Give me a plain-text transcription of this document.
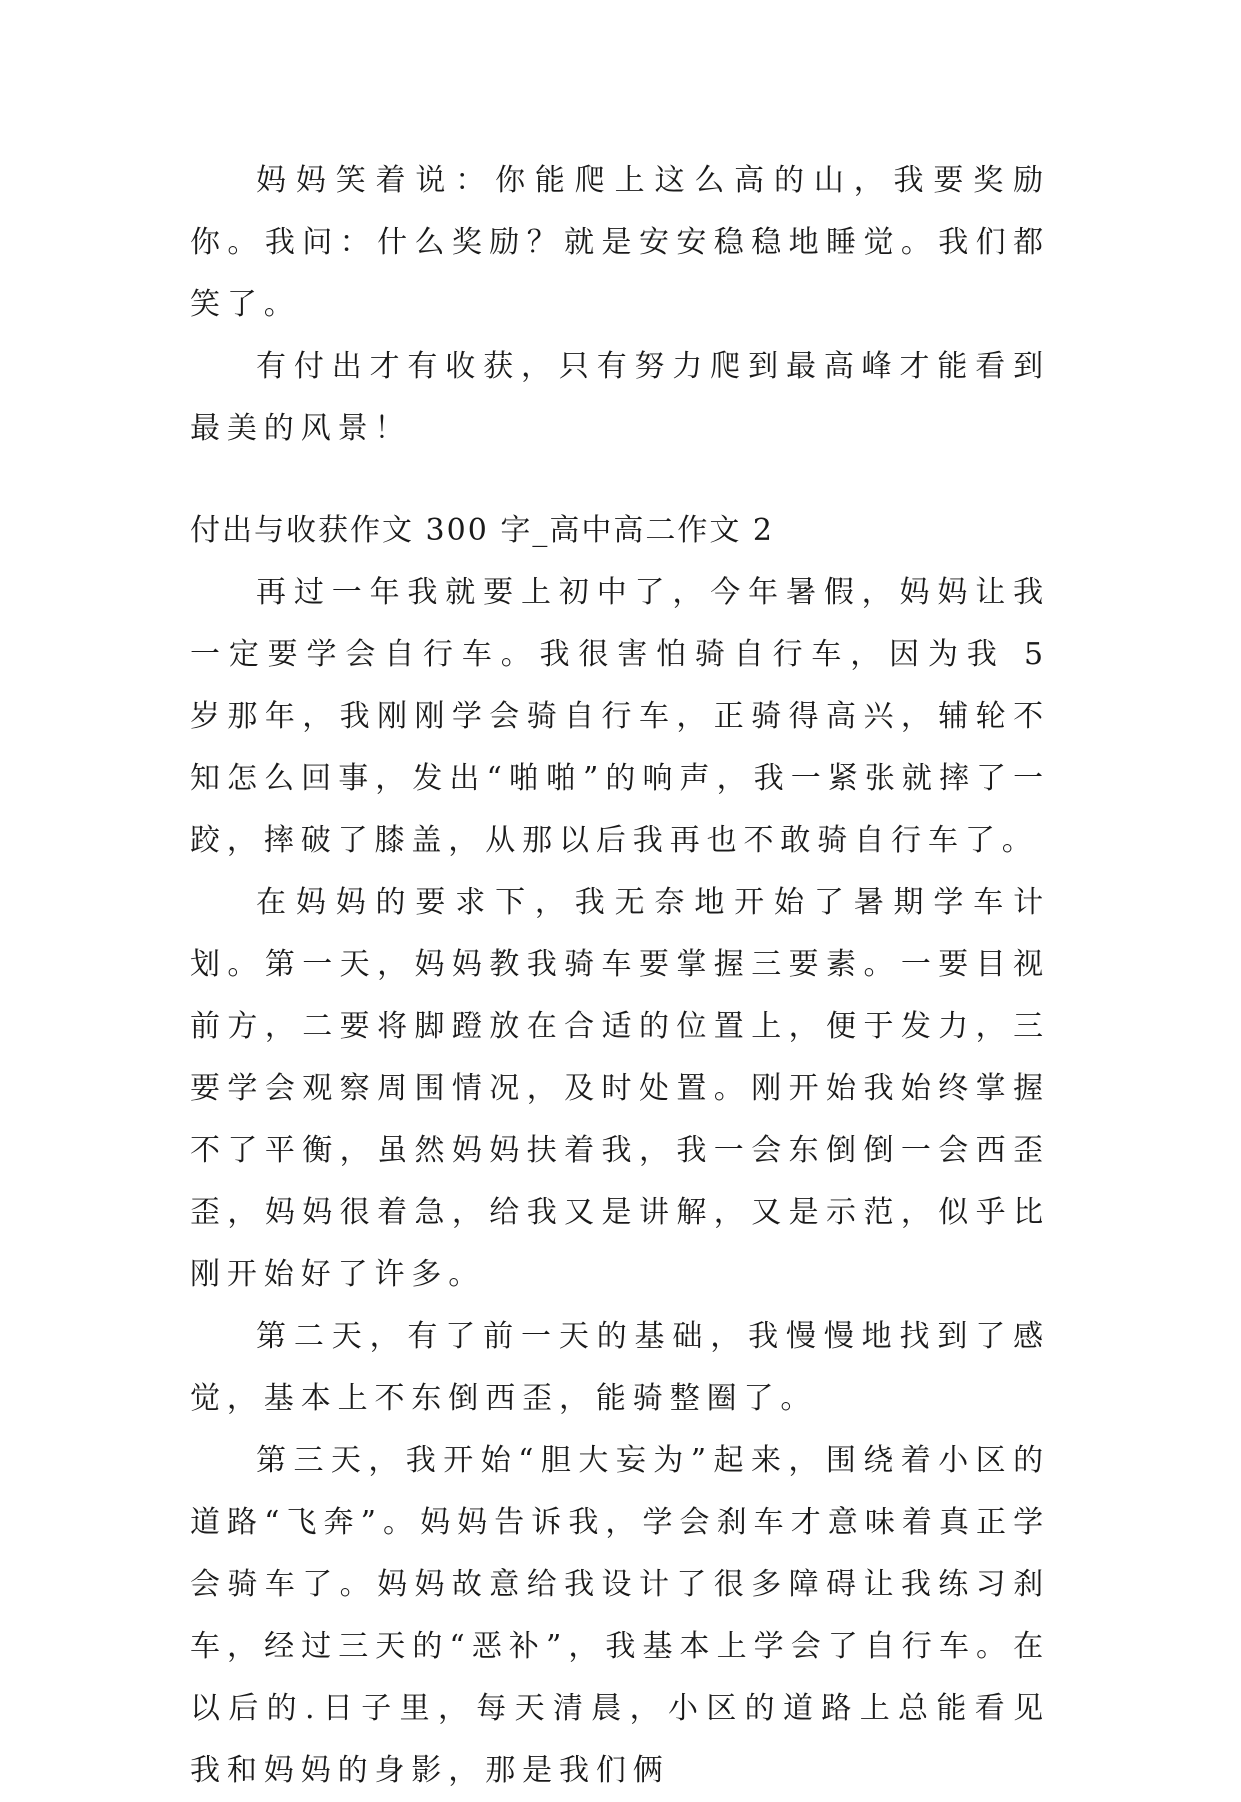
妈妈笑着说：你能爬上这么高的山，我要奖励你。我问：什么奖励？就是安安稳稳地睡觉。我们都笑了。

有付出才有收获，只有努力爬到最高峰才能看到最美的风景！

付出与收获作文 300 字_高中高二作文 2

再过一年我就要上初中了，今年暑假，妈妈让我一定要学会自行车。我很害怕骑自行车，因为我 5 岁那年，我刚刚学会骑自行车，正骑得高兴，辅轮不知怎么回事，发出“啪啪”的响声，我一紧张就摔了一跤，摔破了膝盖，从那以后我再也不敢骑自行车了。

在妈妈的要求下，我无奈地开始了暑期学车计划。第一天，妈妈教我骑车要掌握三要素。一要目视前方，二要将脚蹬放在合适的位置上，便于发力，三要学会观察周围情况，及时处置。刚开始我始终掌握不了平衡，虽然妈妈扶着我，我一会东倒倒一会西歪歪，妈妈很着急，给我又是讲解，又是示范，似乎比刚开始好了许多。

第二天，有了前一天的基础，我慢慢地找到了感觉，基本上不东倒西歪，能骑整圈了。

第三天，我开始“胆大妄为”起来，围绕着小区的道路“飞奔”。妈妈告诉我，学会刹车才意味着真正学会骑车了。妈妈故意给我设计了很多障碍让我练习刹车，经过三天的“恶补”，我基本上学会了自行车。在以后的.日子里，每天清晨，小区的道路上总能看见我和妈妈的身影，那是我们俩
